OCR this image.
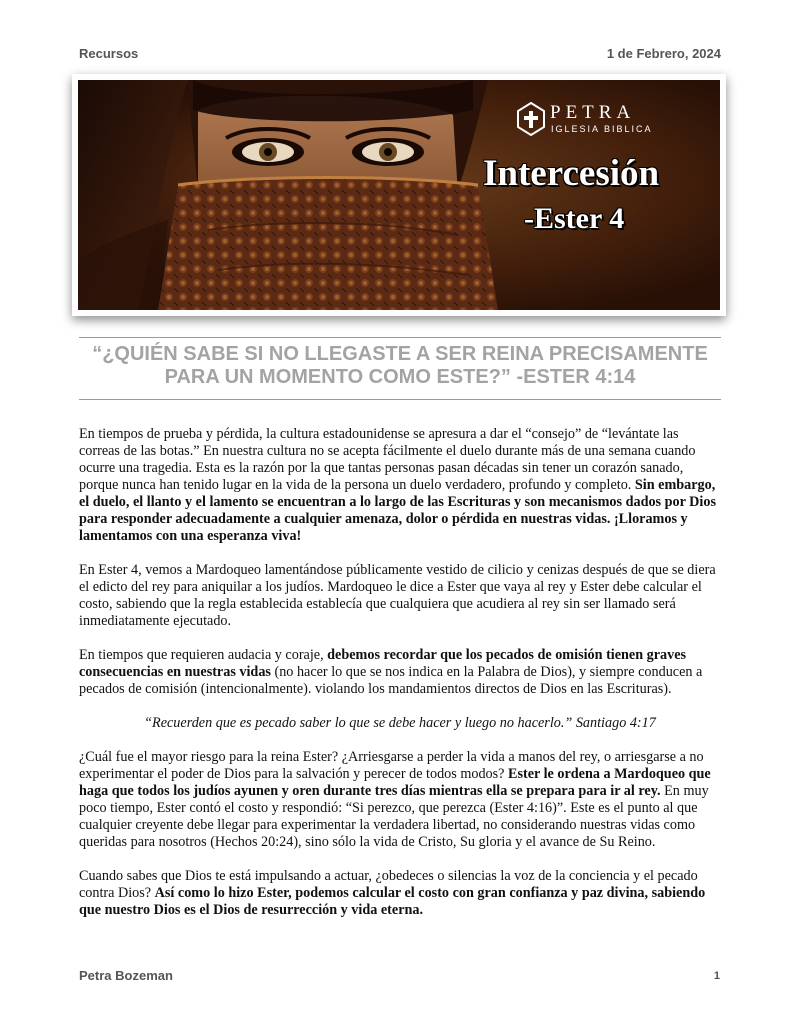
Recursos	1 de Febrero, 2024
PETRA
IGLESIA BIBLICA
Intercesión
-Ester 4
“¿QUIÉN SABE SI NO LLEGASTE A SER REINA PRECISAMENTE
PARA UN MOMENTO COMO ESTE?” -ESTER 4:14

En tiempos de prueba y pérdida, la cultura estadounidense se apresura a dar el “consejo” de “levántate las correas de las botas.” En nuestra cultura no se acepta fácilmente el duelo durante más de una semana cuando ocurre una tragedia. Esta es la razón por la que tantas personas pasan décadas sin tener un corazón sanado, porque nunca han tenido lugar en la vida de la persona un duelo verdadero, profundo y completo. Sin embargo, el duelo, el llanto y el lamento se encuentran a lo largo de las Escrituras y son mecanismos dados por Dios para responder adecuadamente a cualquier amenaza, dolor o pérdida en nuestras vidas. ¡Lloramos y lamentamos con una esperanza viva!

En Ester 4, vemos a Mardoqueo lamentándose públicamente vestido de cilicio y cenizas después de que se diera el edicto del rey para aniquilar a los judíos. Mardoqueo le dice a Ester que vaya al rey y Ester debe calcular el costo, sabiendo que la regla establecida establecía que cualquiera que acudiera al rey sin ser llamado será inmediatamente ejecutado.

En tiempos que requieren audacia y coraje, debemos recordar que los pecados de omisión tienen graves consecuencias en nuestras vidas (no hacer lo que se nos indica en la Palabra de Dios), y siempre conducen a pecados de comisión (intencionalmente). violando los mandamientos directos de Dios en las Escrituras).

“Recuerden que es pecado saber lo que se debe hacer y luego no hacerlo.” Santiago 4:17

¿Cuál fue el mayor riesgo para la reina Ester? ¿Arriesgarse a perder la vida a manos del rey, o arriesgarse a no experimentar el poder de Dios para la salvación y perecer de todos modos? Ester le ordena a Mardoqueo que haga que todos los judíos ayunen y oren durante tres días mientras ella se prepara para ir al rey. En muy poco tiempo, Ester contó el costo y respondió: “Si perezco, que perezca (Ester 4:16)”. Este es el punto al que cualquier creyente debe llegar para experimentar la verdadera libertad, no considerando nuestras vidas como queridas para nosotros (Hechos 20:24), sino sólo la vida de Cristo, Su gloria y el avance de Su Reino.

Cuando sabes que Dios te está impulsando a actuar, ¿obedeces o silencias la voz de la conciencia y el pecado contra Dios? Así como lo hizo Ester, podemos calcular el costo con gran confianza y paz divina, sabiendo que nuestro Dios es el Dios de resurrección y vida eterna.

Petra Bozeman	1
